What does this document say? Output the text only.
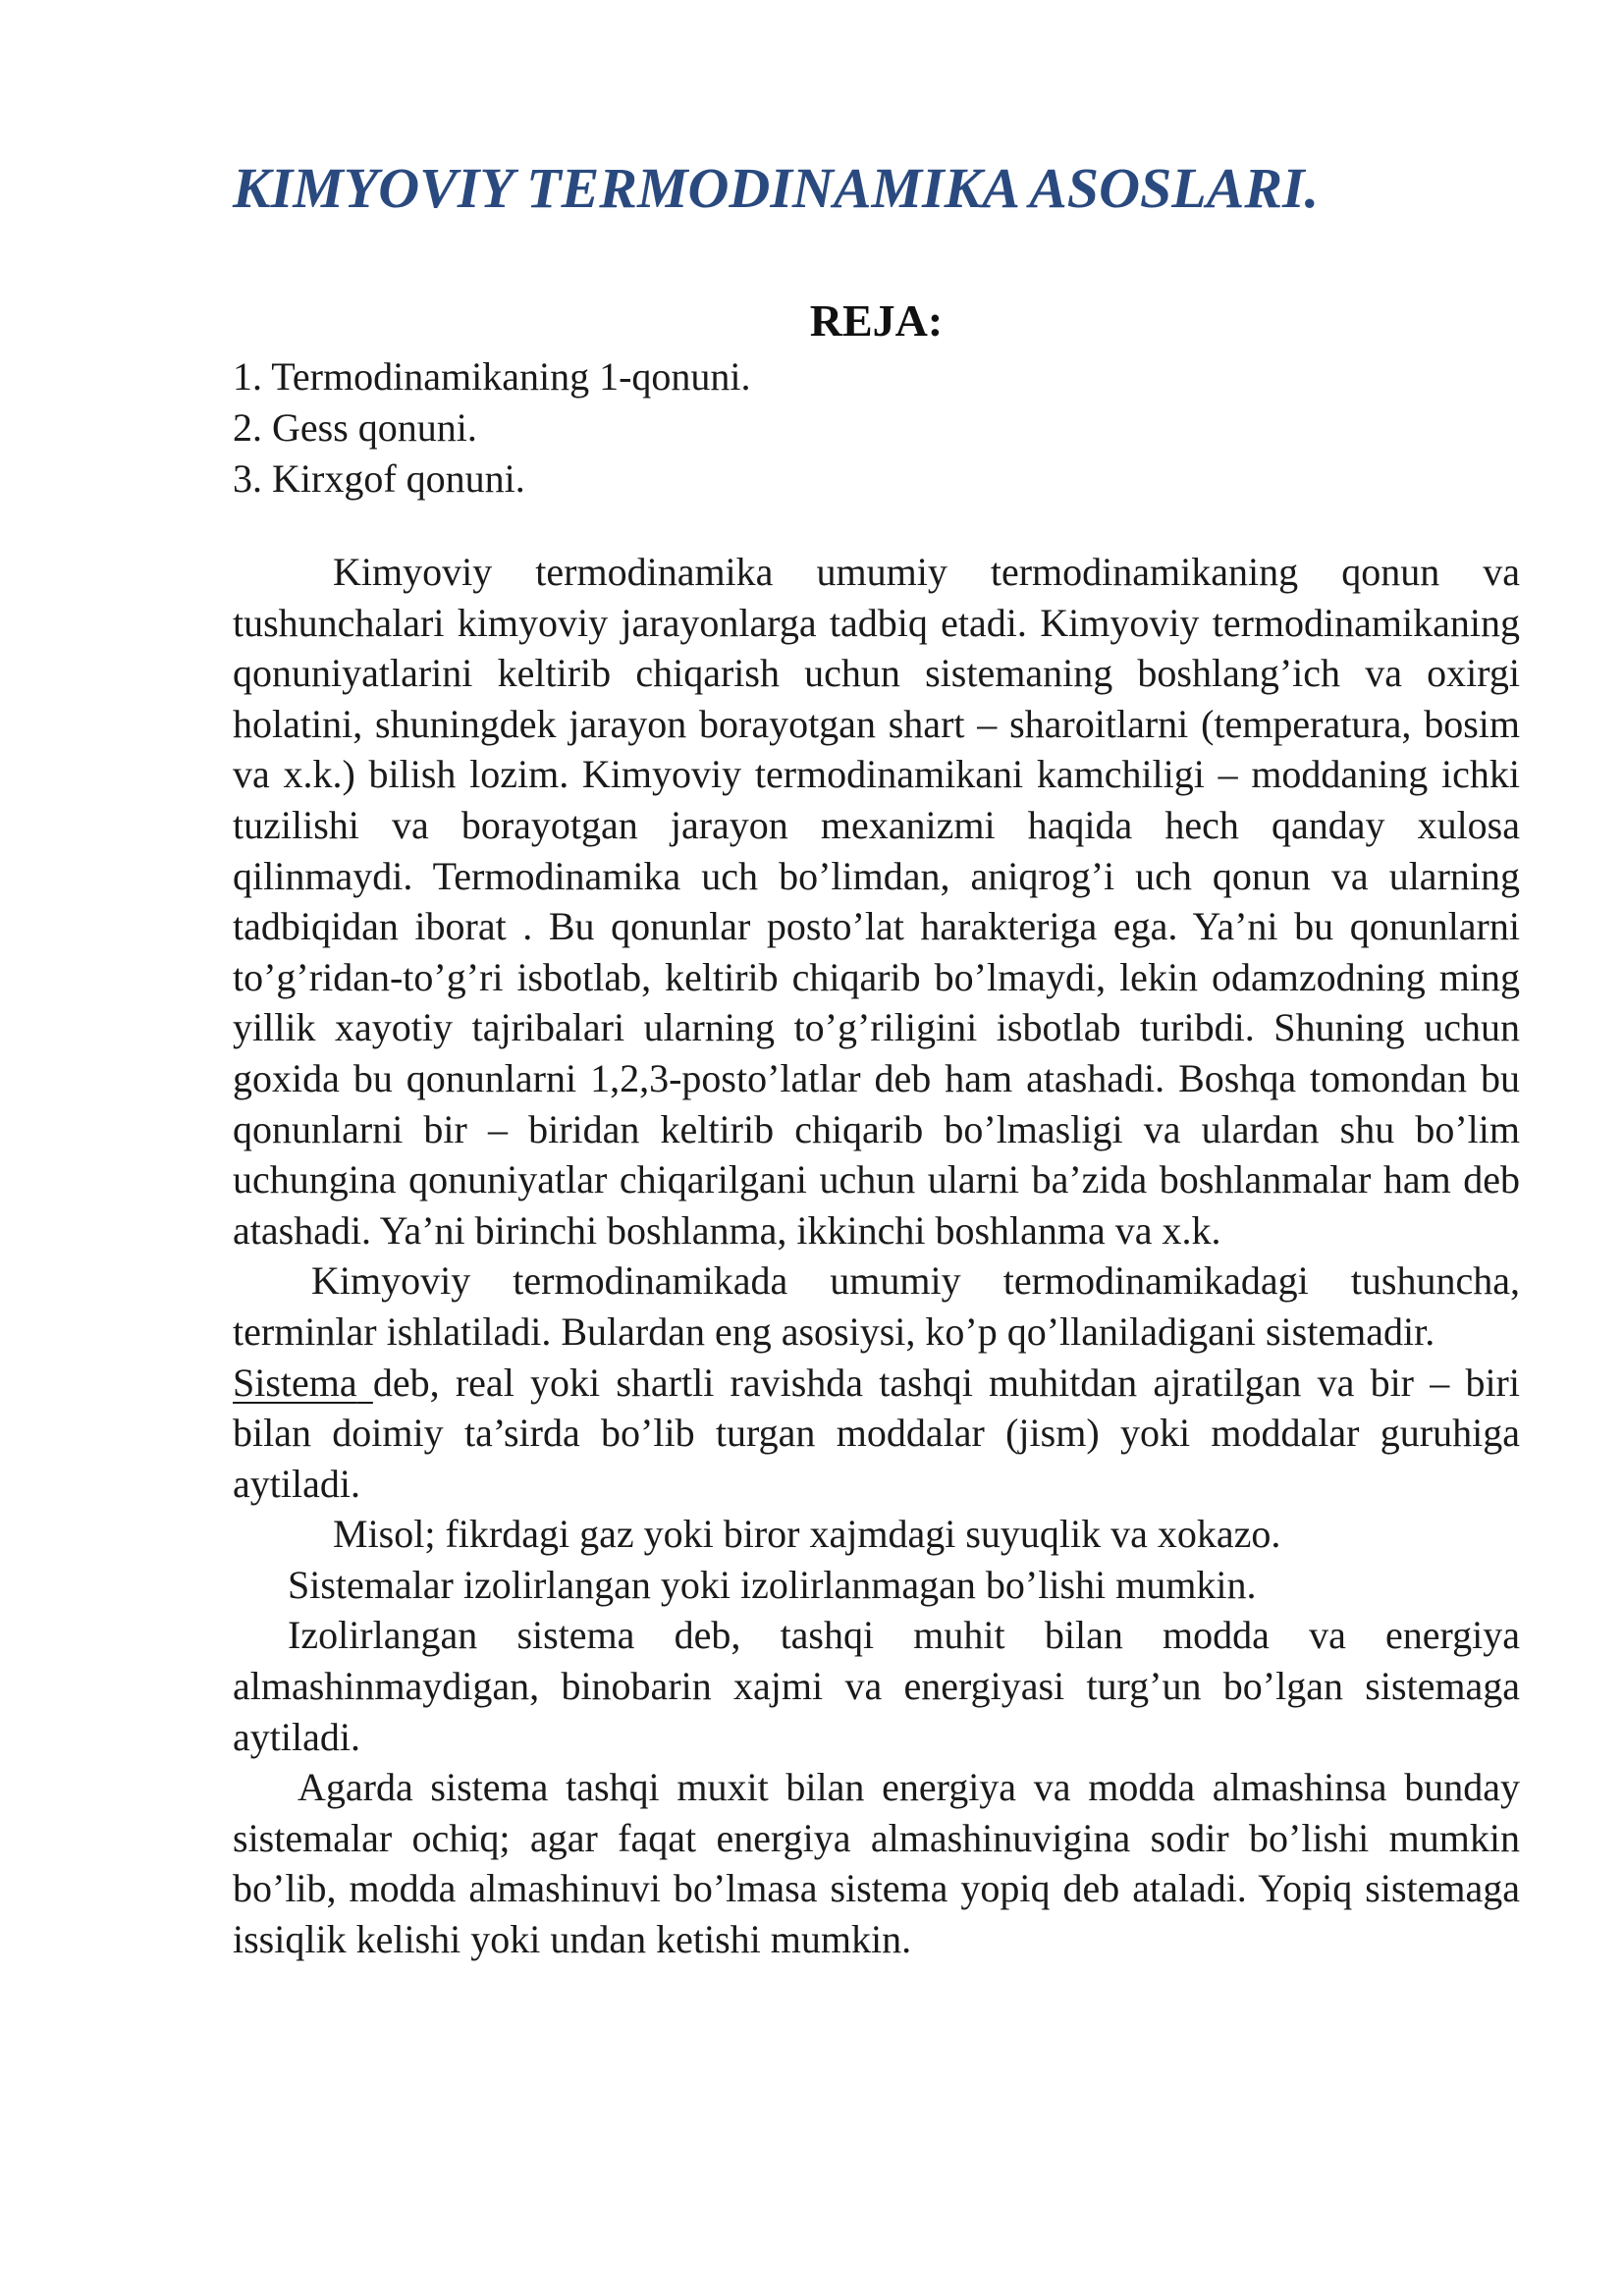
KIMYOVIY TERMODINAMIKA ASOSLARI.
REJA:
1. Termodinamikaning 1-qonuni.
2. Gess qonuni.
3. Kirxgof qonuni.

Kimyoviy termodinamika umumiy termodinamikaning qonun va tushunchalari kimyoviy jarayonlarga tadbiq etadi. Kimyoviy termodinamikaning qonuniyatlarini keltirib chiqarish uchun sistemaning boshlang’ich va oxirgi holatini, shuningdek jarayon borayotgan shart – sharoitlarni (temperatura, bosim va x.k.) bilish lozim. Kimyoviy termodinamikani kamchiligi – moddaning ichki tuzilishi va borayotgan jarayon mexanizmi haqida hech qanday xulosa qilinmaydi. Termodinamika uch bo’limdan, aniqrog’i uch qonun va ularning tadbiqidan iborat . Bu qonunlar posto’lat harakteriga ega. Ya’ni bu qonunlarni to’g’ridan-to’g’ri isbotlab, keltirib chiqarib bo’lmaydi, lekin odamzodning ming yillik xayotiy tajribalari ularning to’g’riligini isbotlab turibdi. Shuning uchun goxida bu qonunlarni 1,2,3-posto’latlar deb ham atashadi. Boshqa tomondan bu qonunlarni bir – biridan keltirib chiqarib bo’lmasligi va ulardan shu bo’lim uchungina qonuniyatlar chiqarilgani uchun ularni ba’zida boshlanmalar ham deb atashadi. Ya’ni birinchi boshlanma, ikkinchi boshlanma va x.k.

Kimyoviy termodinamikada umumiy termodinamikadagi tushuncha, terminlar ishlatiladi. Bulardan eng asosiysi, ko’p qo’llaniladigani sistemadir.

Sistema deb, real yoki shartli ravishda tashqi muhitdan ajratilgan va bir – biri bilan doimiy ta’sirda bo’lib turgan moddalar (jism) yoki moddalar guruhiga aytiladi.

Misol; fikrdagi gaz yoki biror xajmdagi suyuqlik va xokazo.

Sistemalar izolirlangan yoki izolirlanmagan bo’lishi mumkin.

Izolirlangan sistema deb, tashqi muhit bilan modda va energiya almashinmaydigan, binobarin xajmi va energiyasi turg’un bo’lgan sistemaga aytiladi.

Agarda sistema tashqi muxit bilan energiya va modda almashinsa bunday sistemalar ochiq; agar faqat energiya almashinuvigina sodir bo’lishi mumkin bo’lib, modda almashinuvi bo’lmasa sistema yopiq deb ataladi. Yopiq sistemaga issiqlik kelishi yoki undan ketishi mumkin.
